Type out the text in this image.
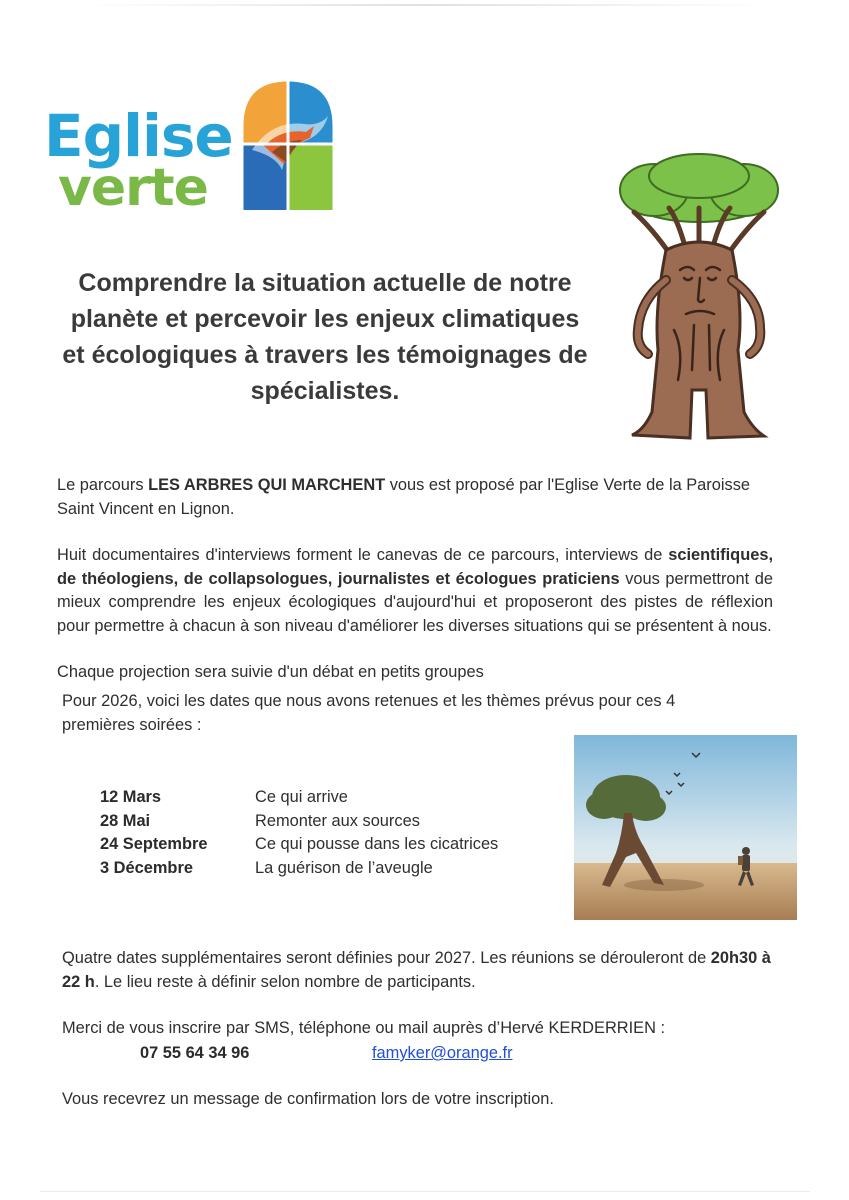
Eglise
verte
Comprendre la situation actuelle de notre planète et percevoir les enjeux climatiques et écologiques à travers les témoignages de spécialistes.
Le parcours LES ARBRES QUI MARCHENT vous est proposé par l'Eglise Verte de la Paroisse Saint Vincent en Lignon.
Huit documentaires d'interviews forment le canevas de ce parcours, interviews de scientifiques, de théologiens, de collapsologues, journalistes et écologues praticiens vous permettront de mieux comprendre les enjeux écologiques d'aujourd'hui et proposeront des pistes de réflexion pour permettre à chacun à son niveau d'améliorer les diverses situations qui se présentent à nous.
Chaque projection sera suivie d'un débat en petits groupes
Pour 2026, voici les dates que nous avons retenues et les thèmes prévus pour ces 4 premières soirées :
12 Mars	Ce qui arrive
28 Mai	Remonter aux sources
24 Septembre	Ce qui pousse dans les cicatrices
3 Décembre	La guérison de l’aveugle
Quatre dates supplémentaires seront définies pour 2027. Les réunions se dérouleront de 20h30 à 22 h. Le lieu reste à définir selon nombre de participants.
Merci de vous inscrire par SMS, téléphone ou mail auprès d’Hervé KERDERRIEN :
07 55 64 34 96	famyker@orange.fr
Vous recevrez un message de confirmation lors de votre inscription.
